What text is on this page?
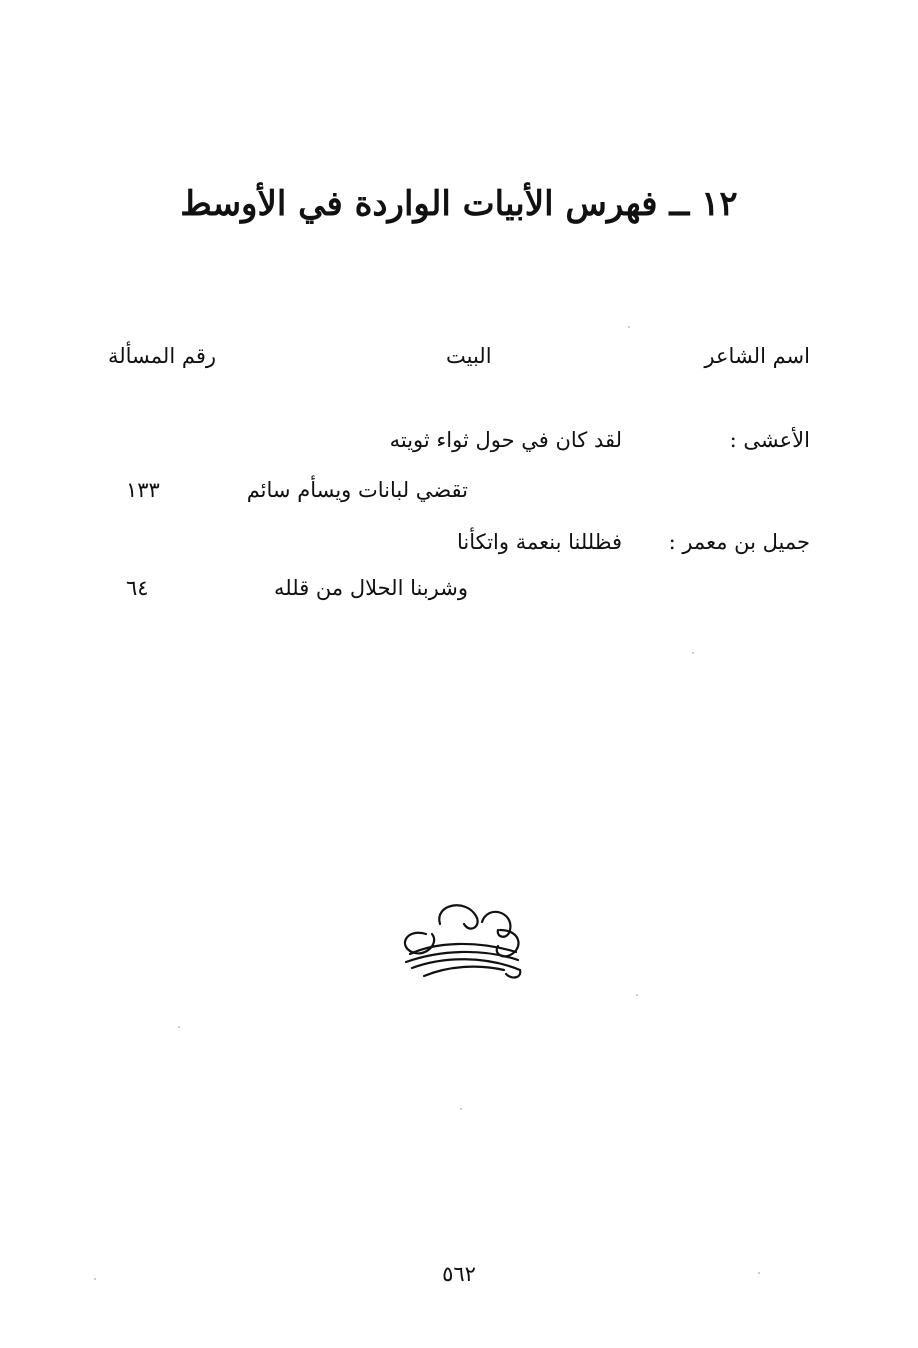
١٢ ــ فهرس الأبيات الواردة في الأوسط
اسم الشاعر
البيت
رقم المسألة
الأعشى :
لقد كان في حول ثواء ثويته
تقضي لبانات ويسأم سائم
١٣٣
جميل بن معمر :
فظللنا بنعمة واتكأنا
وشربنا الحلال من قلله
٦٤
٥٦٢
